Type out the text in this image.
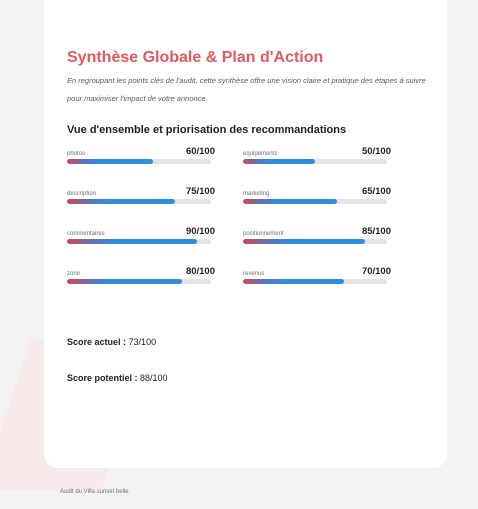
Synthèse Globale & Plan d'Action
En regroupant les points clés de l'audit, cette synthèse offre une vision claire et pratique des étapes à suivre pour maximiser l'impact de votre annonce.
Vue d'ensemble et priorisation des recommandations
photos	60/100
description	75/100
commentaires	90/100
zone	80/100
equipements	50/100
marketing	65/100
positionnement	85/100
revenus	70/100
Score actuel : 73/100
Score potentiel : 88/100
Audit du Villa sunset belle
